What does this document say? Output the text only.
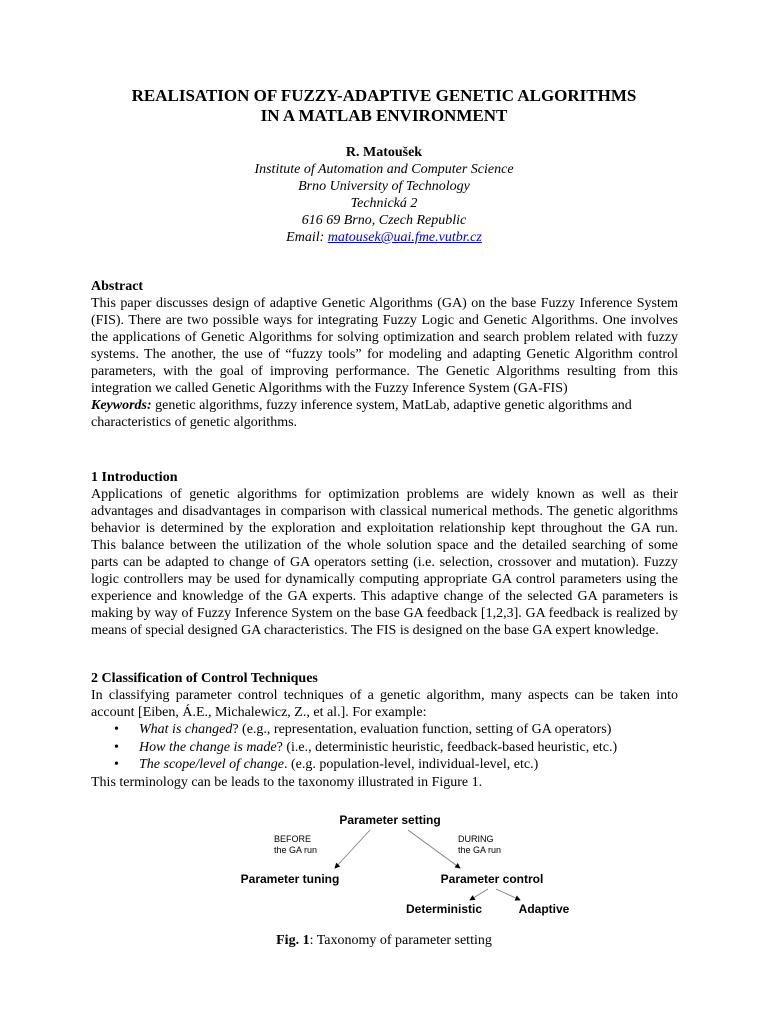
REALISATION OF FUZZY-ADAPTIVE GENETIC ALGORITHMS
IN A MATLAB ENVIRONMENT
R. Matoušek
Institute of Automation and Computer Science
Brno University of Technology
Technická 2
616 69 Brno, Czech Republic
Email: matousek@uai.fme.vutbr.cz
Abstract
This paper discusses design of adaptive Genetic Algorithms (GA) on the base Fuzzy Inference System (FIS). There are two possible ways for integrating Fuzzy Logic and Genetic Algorithms. One involves the applications of Genetic Algorithms for solving optimization and search problem related with fuzzy systems. The another, the use of “fuzzy tools” for modeling and adapting Genetic Algorithm control parameters, with the goal of improving performance. The Genetic Algorithms resulting from this integration we called Genetic Algorithms with the Fuzzy Inference System (GA-FIS)
Keywords: genetic algorithms, fuzzy inference system, MatLab, adaptive genetic algorithms and characteristics of genetic algorithms.
1 Introduction
Applications of genetic algorithms for optimization problems are widely known as well as their advantages and disadvantages in comparison with classical numerical methods. The genetic algorithms behavior is determined by the exploration and exploitation relationship kept throughout the GA run. This balance between the utilization of the whole solution space and the detailed searching of some parts can be adapted to change of GA operators setting (i.e. selection, crossover and mutation). Fuzzy logic controllers may be used for dynamically computing appropriate GA control parameters using the experience and knowledge of the GA experts. This adaptive change of the selected GA parameters is making by way of Fuzzy Inference System on the base GA feedback [1,2,3]. GA feedback is realized by means of special designed GA characteristics. The FIS is designed on the base GA expert knowledge.
2 Classification of Control Techniques
In classifying parameter control techniques of a genetic algorithm, many aspects can be taken into account [Eiben, Á.E., Michalewicz, Z., et al.]. For example:
• What is changed? (e.g., representation, evaluation function, setting of GA operators)
• How the change is made? (i.e., deterministic heuristic, feedback-based heuristic, etc.)
• The scope/level of change. (e.g. population-level, individual-level, etc.)
This terminology can be leads to the taxonomy illustrated in Figure 1.
Parameter setting
BEFORE
the GA run
DURING
the GA run
Parameter tuning	Parameter control
Deterministic	Adaptive
Fig. 1: Taxonomy of parameter setting
